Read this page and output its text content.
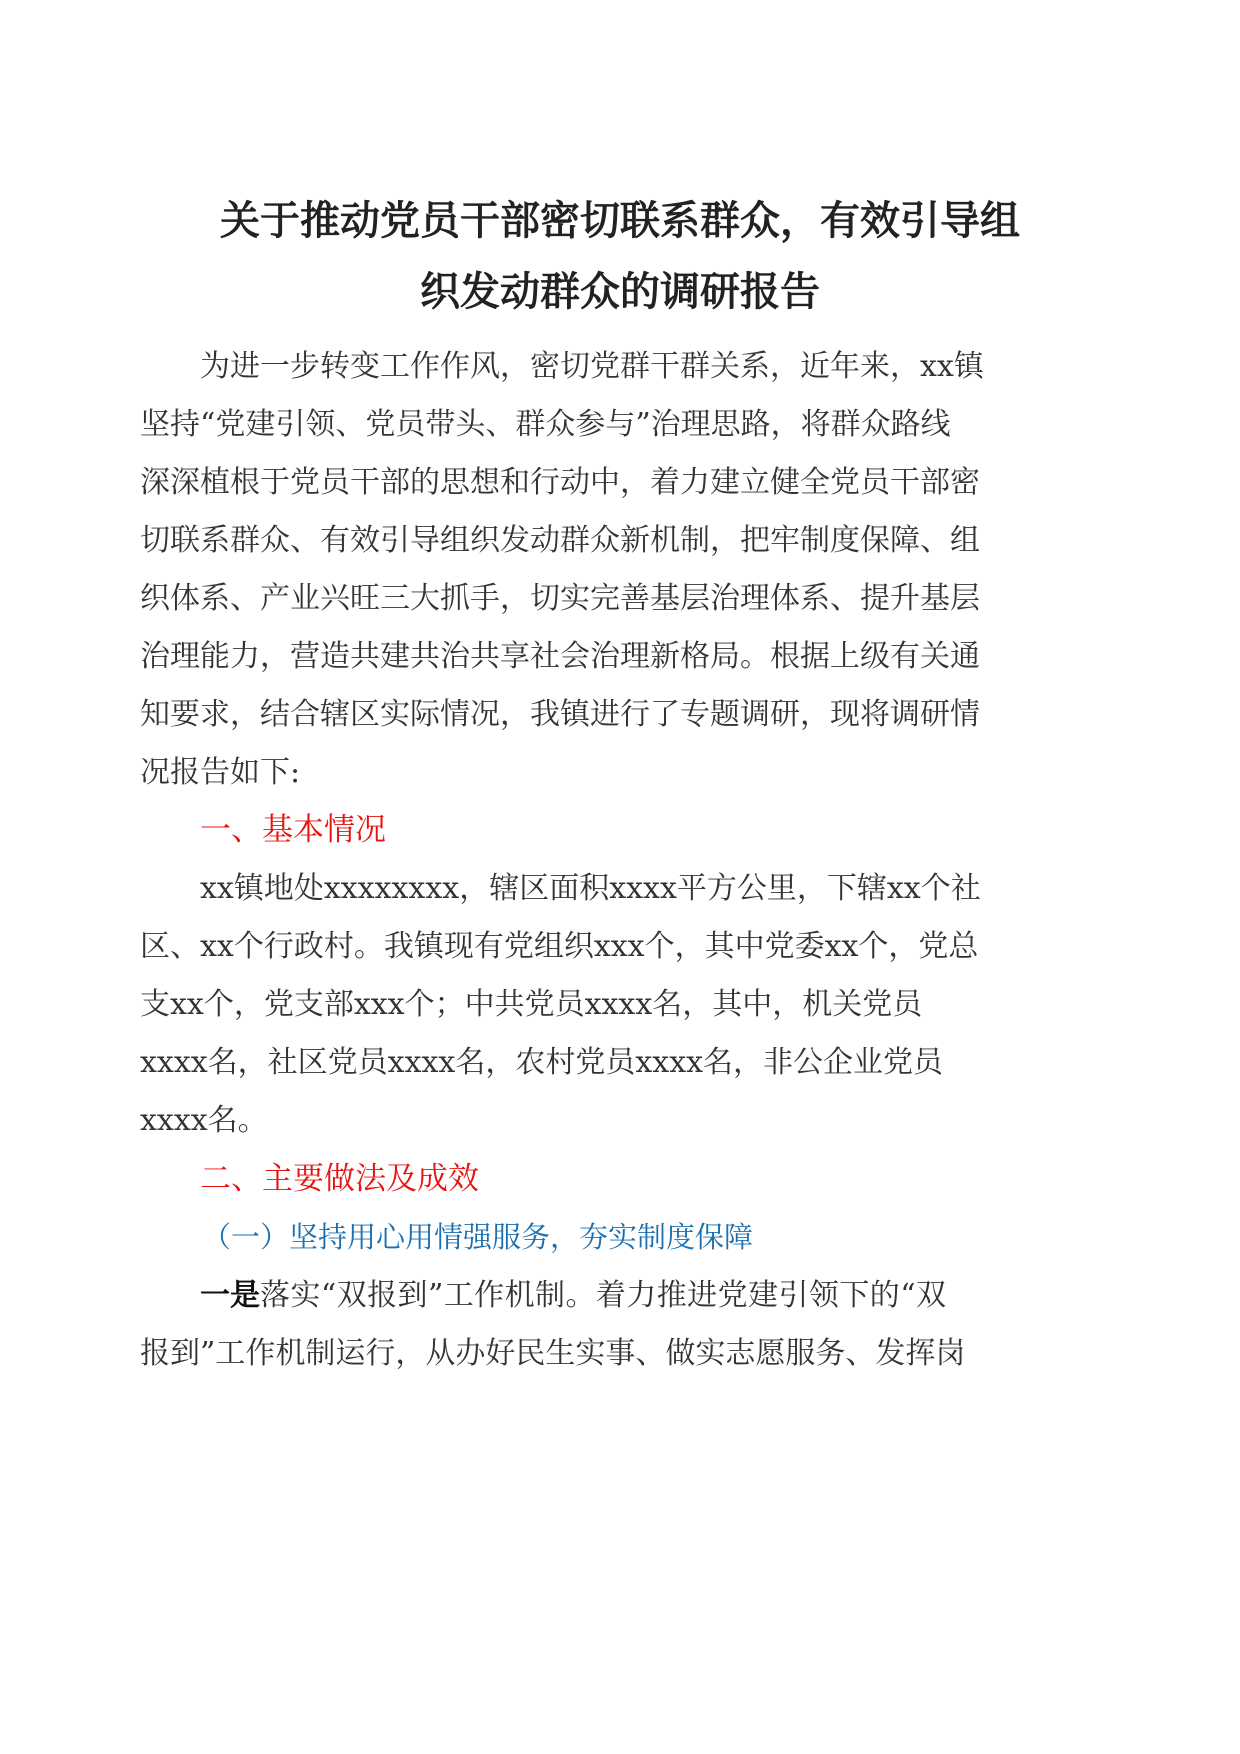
关于推动党员干部密切联系群众，有效引导组
织发动群众的调研报告

为进一步转变工作作风，密切党群干群关系，近年来，xx镇

坚持“党建引领、党员带头、群众参与”治理思路，将群众路线

深深植根于党员干部的思想和行动中，着力建立健全党员干部密

切联系群众、有效引导组织发动群众新机制，把牢制度保障、组

织体系、产业兴旺三大抓手，切实完善基层治理体系、提升基层

治理能力，营造共建共治共享社会治理新格局。根据上级有关通

知要求，结合辖区实际情况，我镇进行了专题调研，现将调研情

况报告如下:

一、基本情况

xx镇地处xxxxxxxx，辖区面积xxxx平方公里，下辖xx个社

区、xx个行政村。我镇现有党组织xxx个，其中党委xx个，党总

支xx个，党支部xxx个；中共党员xxxx名，其中，机关党员

xxxx名，社区党员xxxx名，农村党员xxxx名，非公企业党员

xxxx名。

二、主要做法及成效

（一）坚持用心用情强服务，夯实制度保障

一是 落实“双报到”工作机制。着力推进党建引领下的“双

报到”工作机制运行，从办好民生实事、做实志愿服务、发挥岗
